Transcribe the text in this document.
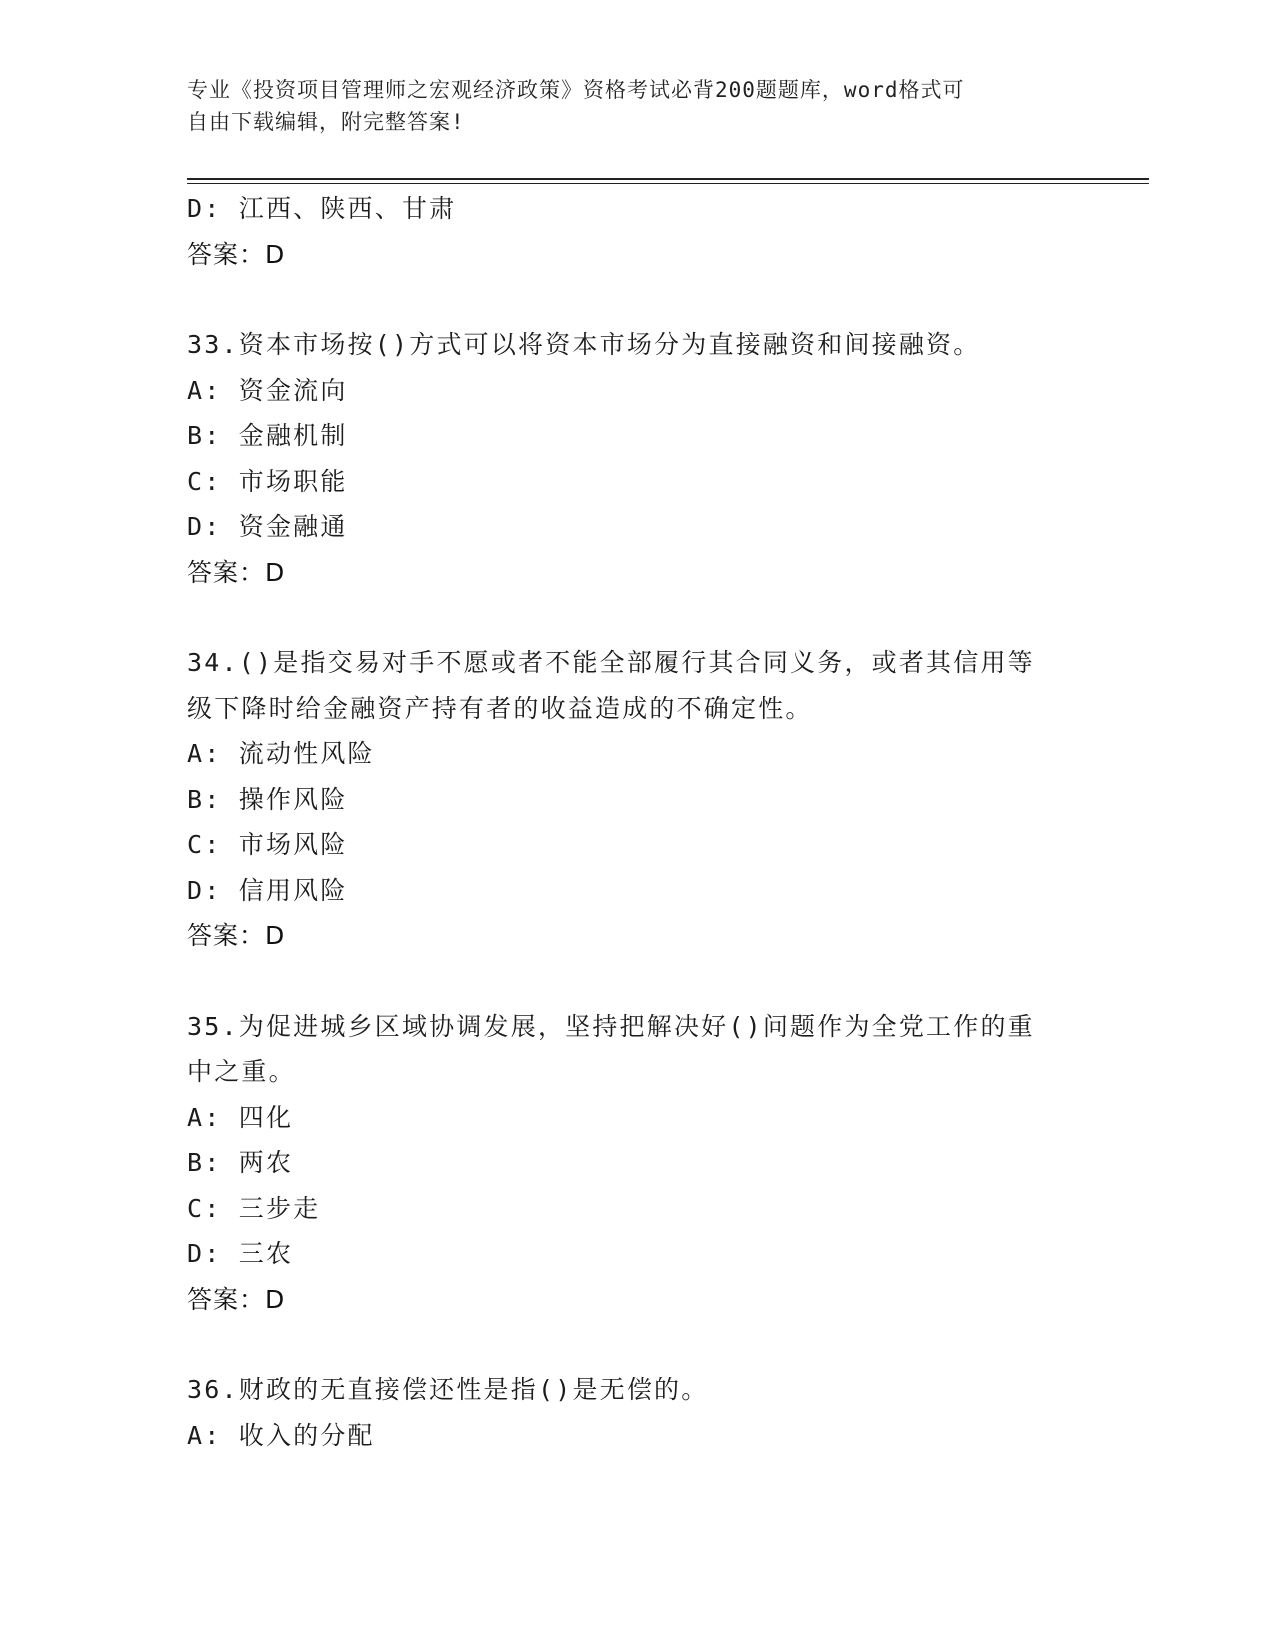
专业《投资项目管理师之宏观经济政策》资格考试必背200题题库，word格式可
自由下载编辑，附完整答案!
D: 江西、陕西、甘肃
答案：D
33.资本市场按()方式可以将资本市场分为直接融资和间接融资。
A: 资金流向
B: 金融机制
C: 市场职能
D: 资金融通
答案：D
34.()是指交易对手不愿或者不能全部履行其合同义务，或者其信用等
级下降时给金融资产持有者的收益造成的不确定性。
A: 流动性风险
B: 操作风险
C: 市场风险
D: 信用风险
答案：D
35.为促进城乡区域协调发展，坚持把解决好()问题作为全党工作的重
中之重。
A: 四化
B: 两农
C: 三步走
D: 三农
答案：D
36.财政的无直接偿还性是指()是无偿的。
A: 收入的分配
